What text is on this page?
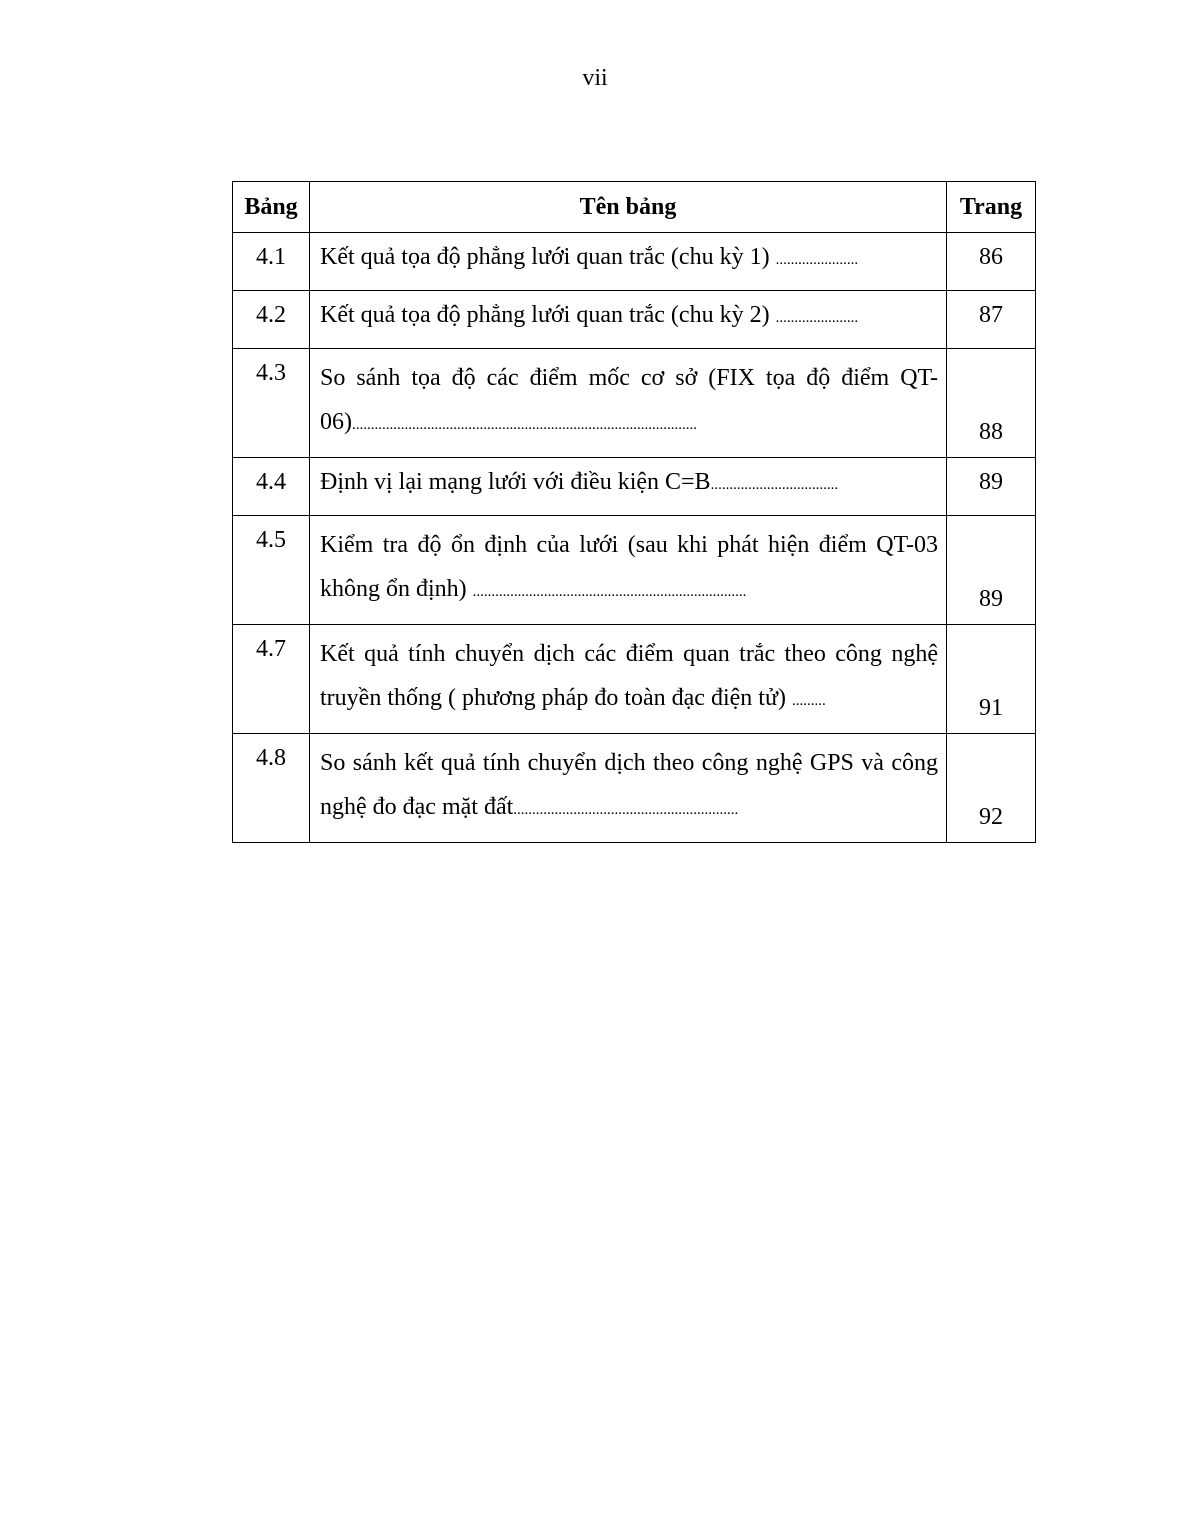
vii
Bảng	Tên bảng	Trang
4.1	Kết quả tọa độ phẳng lưới quan trắc (chu kỳ 1) ......................	86
4.2	Kết quả tọa độ phẳng lưới quan trắc (chu kỳ 2) ......................	87
4.3	So sánh tọa độ các điểm mốc cơ sở (FIX tọa độ điểm QT-06)............................................................................................	88
4.4	Định vị lại mạng lưới với điều kiện C=B..................................	89
4.5	Kiểm tra độ ổn định của lưới (sau khi phát hiện điểm QT-03 không ổn định) .........................................................................	89
4.7	Kết quả tính chuyển dịch các điểm quan trắc theo công nghệ truyền thống ( phương pháp đo toàn đạc điện tử) .........	91
4.8	So sánh kết quả tính chuyển dịch theo công nghệ GPS và công nghệ đo đạc mặt đất............................................................	92
